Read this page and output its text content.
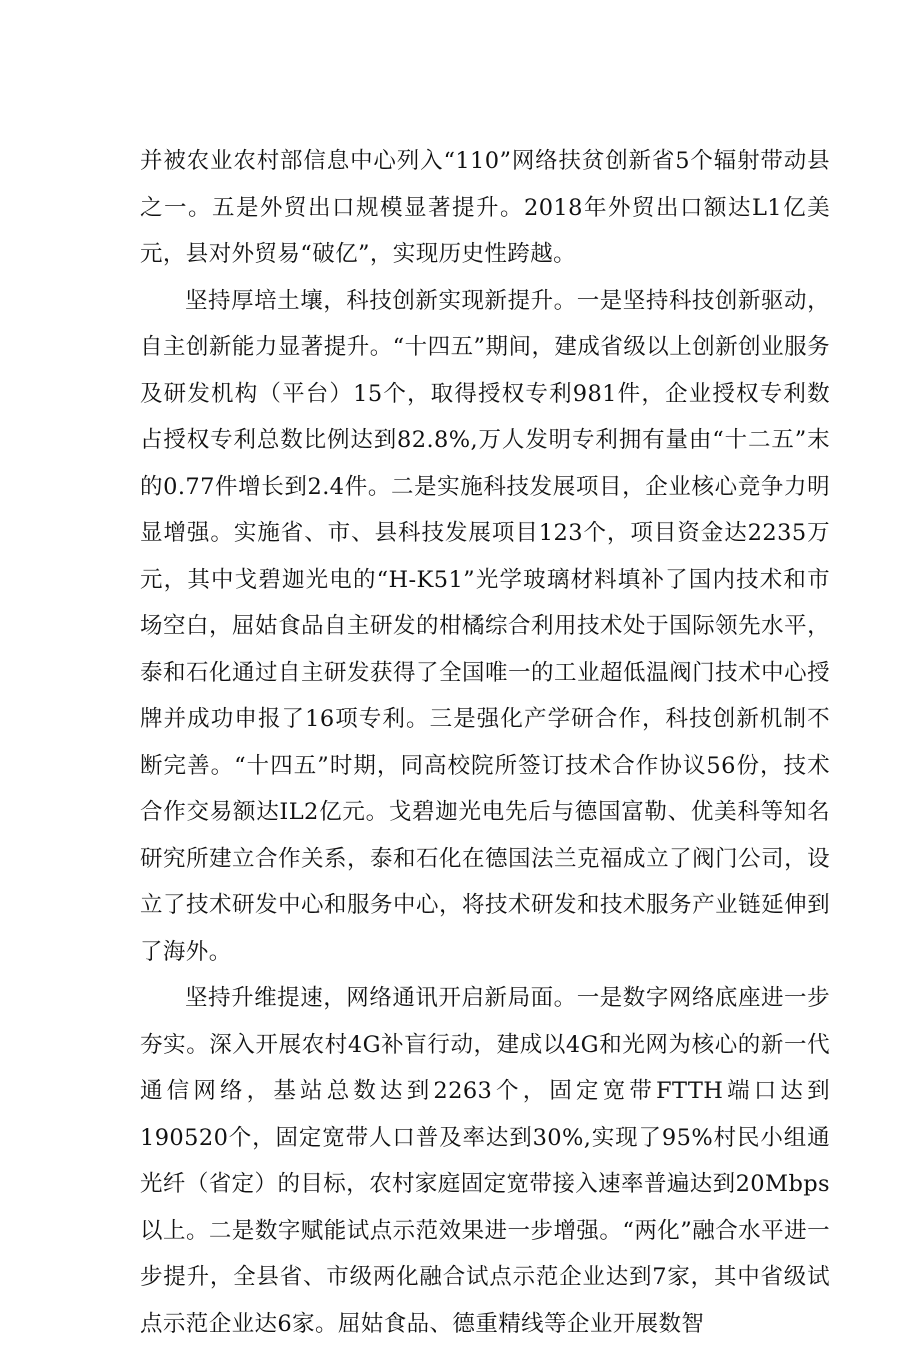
并被农业农村部信息中心列入“110”网络扶贫创新省5个辐射带动县之一。五是外贸出口规模显著提升。2018年外贸出口额达L1亿美元，县对外贸易“破亿”，实现历史性跨越。

坚持厚培土壤，科技创新实现新提升。一是坚持科技创新驱动，自主创新能力显著提升。“十四五”期间，建成省级以上创新创业服务及研发机构（平台）15个，取得授权专利981件，企业授权专利数占授权专利总数比例达到82.8%,万人发明专利拥有量由“十二五”末的0.77件增长到2.4件。二是实施科技发展项目，企业核心竞争力明显增强。实施省、市、县科技发展项目123个，项目资金达2235万元，其中戈碧迦光电的“H-K51”光学玻璃材料填补了国内技术和市场空白，屈姑食品自主研发的柑橘综合利用技术处于国际领先水平，泰和石化通过自主研发获得了全国唯一的工业超低温阀门技术中心授牌并成功申报了16项专利。三是强化产学研合作，科技创新机制不断完善。“十四五”时期，同高校院所签订技术合作协议56份，技术合作交易额达IL2亿元。戈碧迦光电先后与德国富勒、优美科等知名研究所建立合作关系，泰和石化在德国法兰克福成立了阀门公司，设立了技术研发中心和服务中心，将技术研发和技术服务产业链延伸到了海外。

坚持升维提速，网络通讯开启新局面。一是数字网络底座进一步夯实。深入开展农村4G补盲行动，建成以4G和光网为核心的新一代通信网络，基站总数达到2263个，固定宽带FTTH端口达到190520个，固定宽带人口普及率达到30%,实现了95%村民小组通光纤（省定）的目标，农村家庭固定宽带接入速率普遍达到20Mbps以上。二是数字赋能试点示范效果进一步增强。“两化”融合水平进一步提升，全县省、市级两化融合试点示范企业达到7家，其中省级试点示范企业达6家。屈姑食品、德重精线等企业开展数智
